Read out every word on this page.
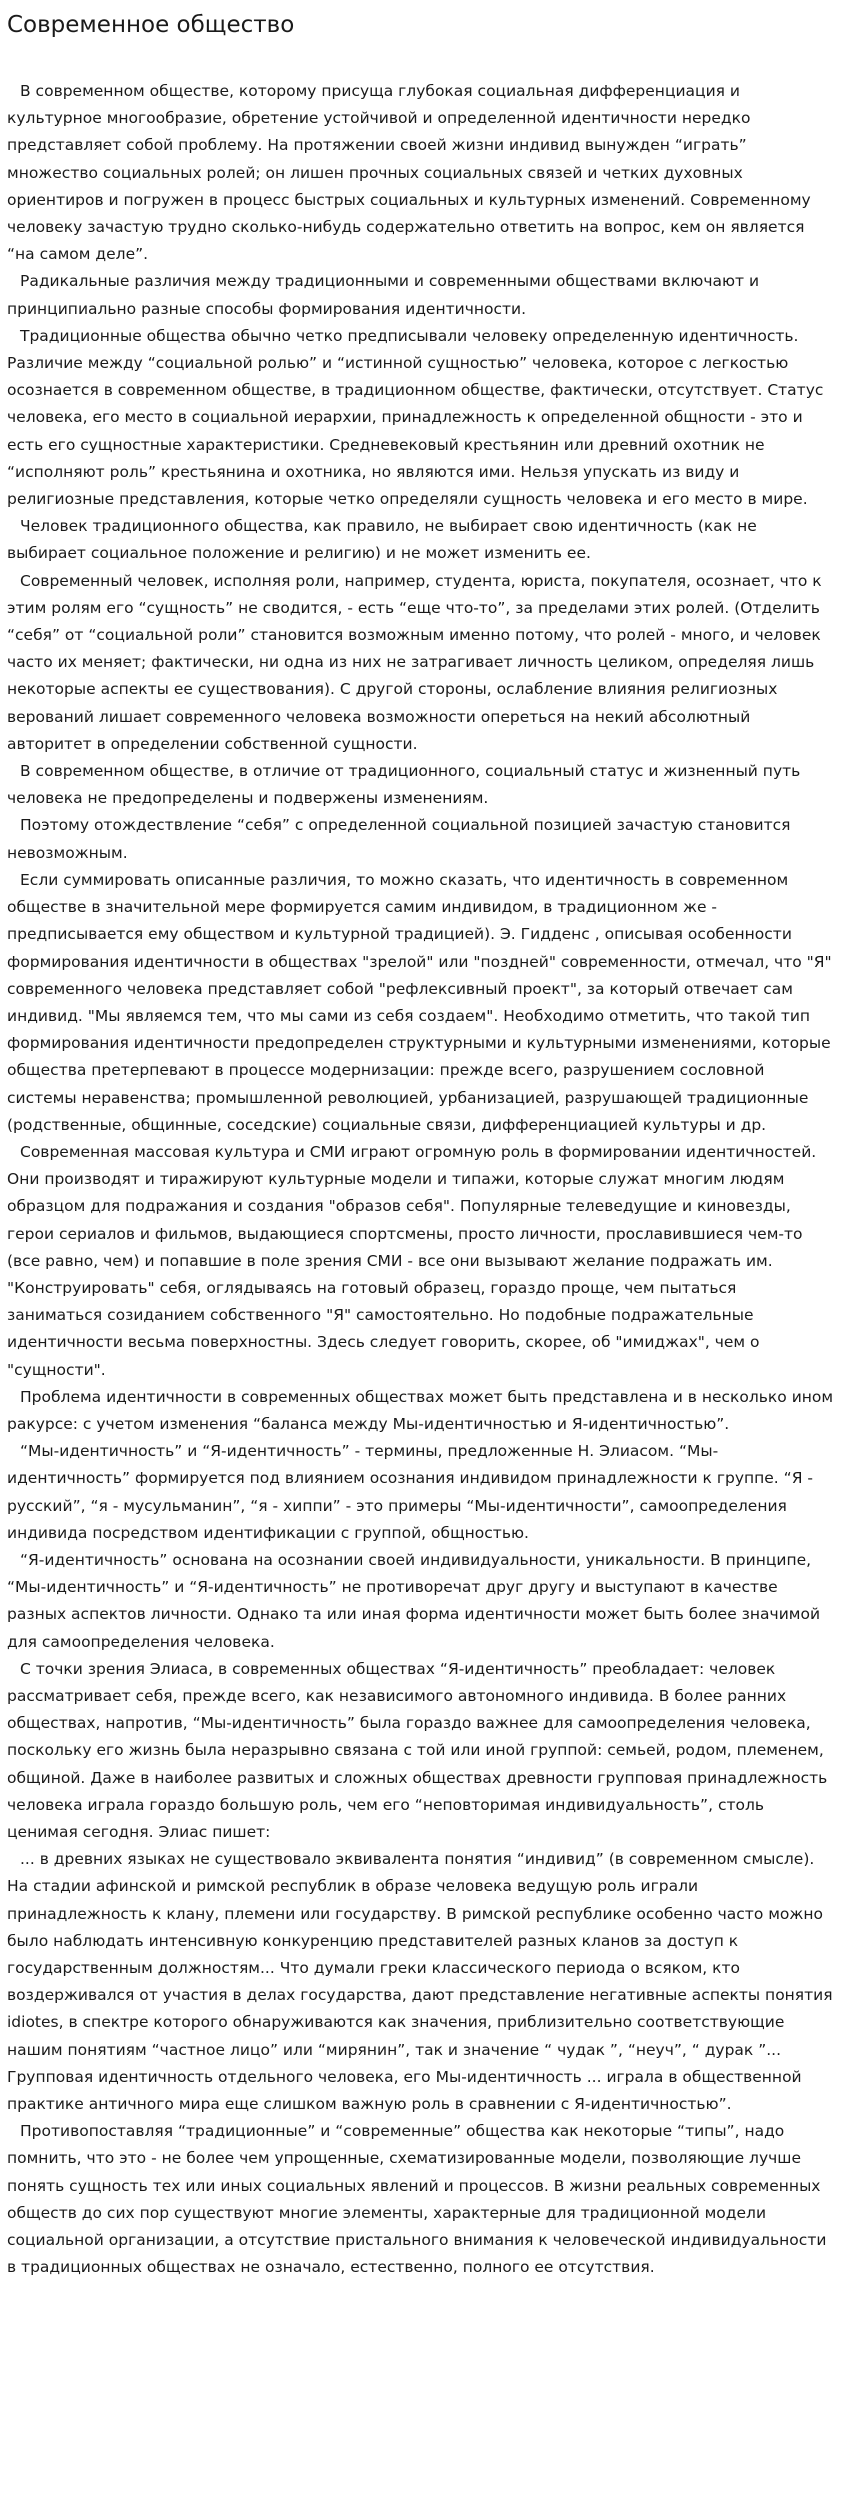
Современное общество

В современном обществе, которому присуща глубокая социальная дифференциация и культурное многообразие, обретение устойчивой и определенной идентичности нередко представляет собой проблему. На протяжении своей жизни индивид вынужден “играть” множество социальных ролей; он лишен прочных социальных связей и четких духовных ориентиров и погружен в процесс быстрых социальных и культурных изменений. Современному человеку зачастую трудно сколько-нибудь содержательно ответить на вопрос, кем он является “на самом деле”.

Радикальные различия между традиционными и современными обществами включают и принципиально разные способы формирования идентичности.

Традиционные общества обычно четко предписывали человеку определенную идентичность. Различие между “социальной ролью” и “истинной сущностью” человека, которое с легкостью осознается в современном обществе, в традиционном обществе, фактически, отсутствует. Статус человека, его место в социальной иерархии, принадлежность к определенной общности - это и есть его сущностные характеристики. Средневековый крестьянин или древний охотник не “исполняют роль” крестьянина и охотника, но являются ими. Нельзя упускать из виду и религиозные представления, которые четко определяли сущность человека и его место в мире.

Человек традиционного общества, как правило, не выбирает свою идентичность (как не выбирает социальное положение и религию) и не может изменить ее.

Современный человек, исполняя роли, например, студента, юриста, покупателя, осознает, что к этим ролям его “сущность” не сводится, - есть “еще что-то”, за пределами этих ролей. (Отделить “себя” от “социальной роли” становится возможным именно потому, что ролей - много, и человек часто их меняет; фактически, ни одна из них не затрагивает личность целиком, определяя лишь некоторые аспекты ее существования). С другой стороны, ослабление влияния религиозных верований лишает современного человека возможности опереться на некий абсолютный авторитет в определении собственной сущности.

В современном обществе, в отличие от традиционного, социальный статус и жизненный путь человека не предопределены и подвержены изменениям.

Поэтому отождествление “себя” с определенной социальной позицией зачастую становится невозможным.

Если суммировать описанные различия, то можно сказать, что идентичность в современном обществе в значительной мере формируется самим индивидом, в традиционном же - предписывается ему обществом и культурной традицией). Э. Гидденс , описывая особенности формирования идентичности в обществах "зрелой" или "поздней" современности, отмечал, что "Я" современного человека представляет собой "рефлексивный проект", за который отвечает сам индивид. "Мы являемся тем, что мы сами из себя создаем". Необходимо отметить, что такой тип формирования идентичности предопределен структурными и культурными изменениями, которые общества претерпевают в процессе модернизации: прежде всего, разрушением сословной системы неравенства; промышленной революцией, урбанизацией, разрушающей традиционные (родственные, общинные, соседские) социальные связи, дифференциацией культуры и др.

Современная массовая культура и СМИ играют огромную роль в формировании идентичностей. Они производят и тиражируют культурные модели и типажи, которые служат многим людям образцом для подражания и создания "образов себя". Популярные телеведущие и киновезды, герои сериалов и фильмов, выдающиеся спортсмены, просто личности, прославившиеся чем-то (все равно, чем) и попавшие в поле зрения СМИ - все они вызывают желание подражать им. "Конструировать" себя, оглядываясь на готовый образец, гораздо проще, чем пытаться заниматься созиданием собственного "Я" самостоятельно. Но подобные подражательные идентичности весьма поверхностны. Здесь следует говорить, скорее, об "имиджах", чем о "сущности".

Проблема идентичности в современных обществах может быть представлена и в несколько ином ракурсе: с учетом изменения “баланса между Мы-идентичностью и Я-идентичностью”.

“Мы-идентичность” и “Я-идентичность” - термины, предложенные Н. Элиасом. “Мы-идентичность” формируется под влиянием осознания индивидом принадлежности к группе. “Я - русский”, “я - мусульманин”, “я - хиппи” - это примеры “Мы-идентичности”, самоопределения индивида посредством идентификации с группой, общностью.

“Я-идентичность” основана на осознании своей индивидуальности, уникальности. В принципе, “Мы-идентичность” и “Я-идентичность” не противоречат друг другу и выступают в качестве разных аспектов личности. Однако та или иная форма идентичности может быть более значимой для самоопределения человека.

С точки зрения Элиаса, в современных обществах “Я-идентичность” преобладает: человек рассматривает себя, прежде всего, как независимого автономного индивида. В более ранних обществах, напротив, “Мы-идентичность” была гораздо важнее для самоопределения человека, поскольку его жизнь была неразрывно связана с той или иной группой: семьей, родом, племенем, общиной. Даже в наиболее развитых и сложных обществах древности групповая принадлежность человека играла гораздо большую роль, чем его “неповторимая индивидуальность”, столь ценимая сегодня. Элиас пишет:

... в древних языках не существовало эквивалента понятия “индивид” (в современном смысле). На стадии афинской и римской республик в образе человека ведущую роль играли принадлежность к клану, племени или государству. В римской республике особенно часто можно было наблюдать интенсивную конкуренцию представителей разных кланов за доступ к государственным должностям... Что думали греки классического периода о всяком, кто воздерживался от участия в делах государства, дают представление негативные аспекты понятия idiotes, в спектре которого обнаруживаются как значения, приблизительно соответствующие нашим понятиям “частное лицо” или “мирянин”, так и значение “ чудак ”, “неуч”, “ дурак ”... Групповая идентичность отдельного человека, его Мы-идентичность ... играла в общественной практике античного мира еще слишком важную роль в сравнении с Я-идентичностью”.

Противопоставляя “традиционные” и “современные” общества как некоторые “типы”, надо помнить, что это - не более чем упрощенные, схематизированные модели, позволяющие лучше понять сущность тех или иных социальных явлений и процессов. В жизни реальных современных обществ до сих пор существуют многие элементы, характерные для традиционной модели социальной организации, а отсутствие пристального внимания к человеческой индивидуальности в традиционных обществах не означало, естественно, полного ее отсутствия.
